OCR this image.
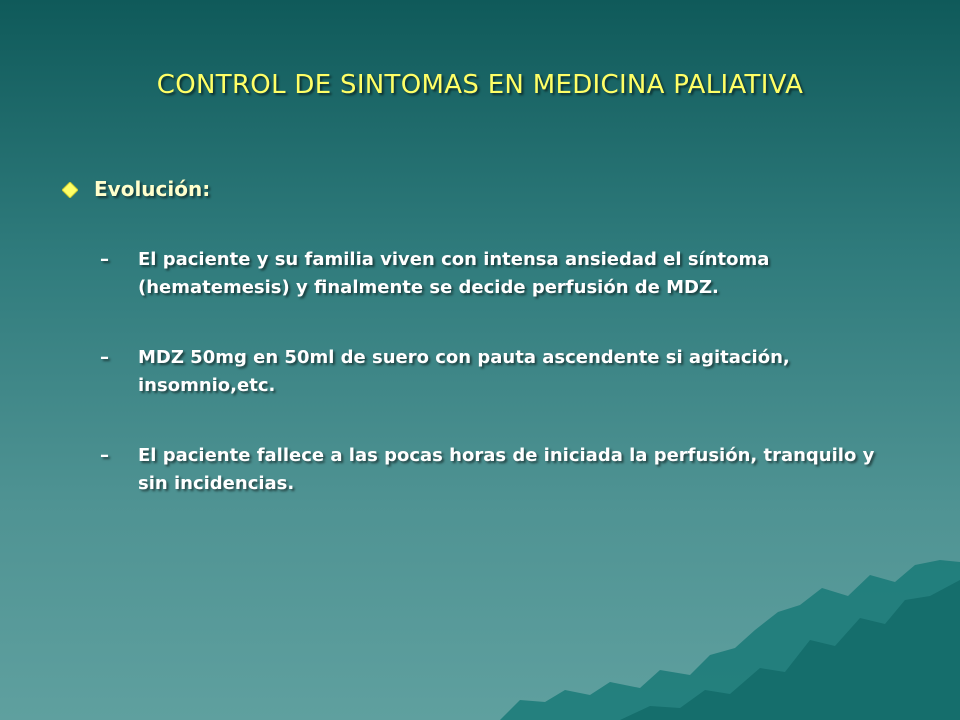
CONTROL DE SINTOMAS EN MEDICINA PALIATIVA
Evolución:
– El paciente y su familia viven con intensa ansiedad el síntoma (hematemesis) y finalmente se decide perfusión de MDZ.
– MDZ 50mg en 50ml de suero con pauta ascendente si agitación, insomnio,etc.
– El paciente fallece a las pocas horas de iniciada la perfusión, tranquilo y sin incidencias.
